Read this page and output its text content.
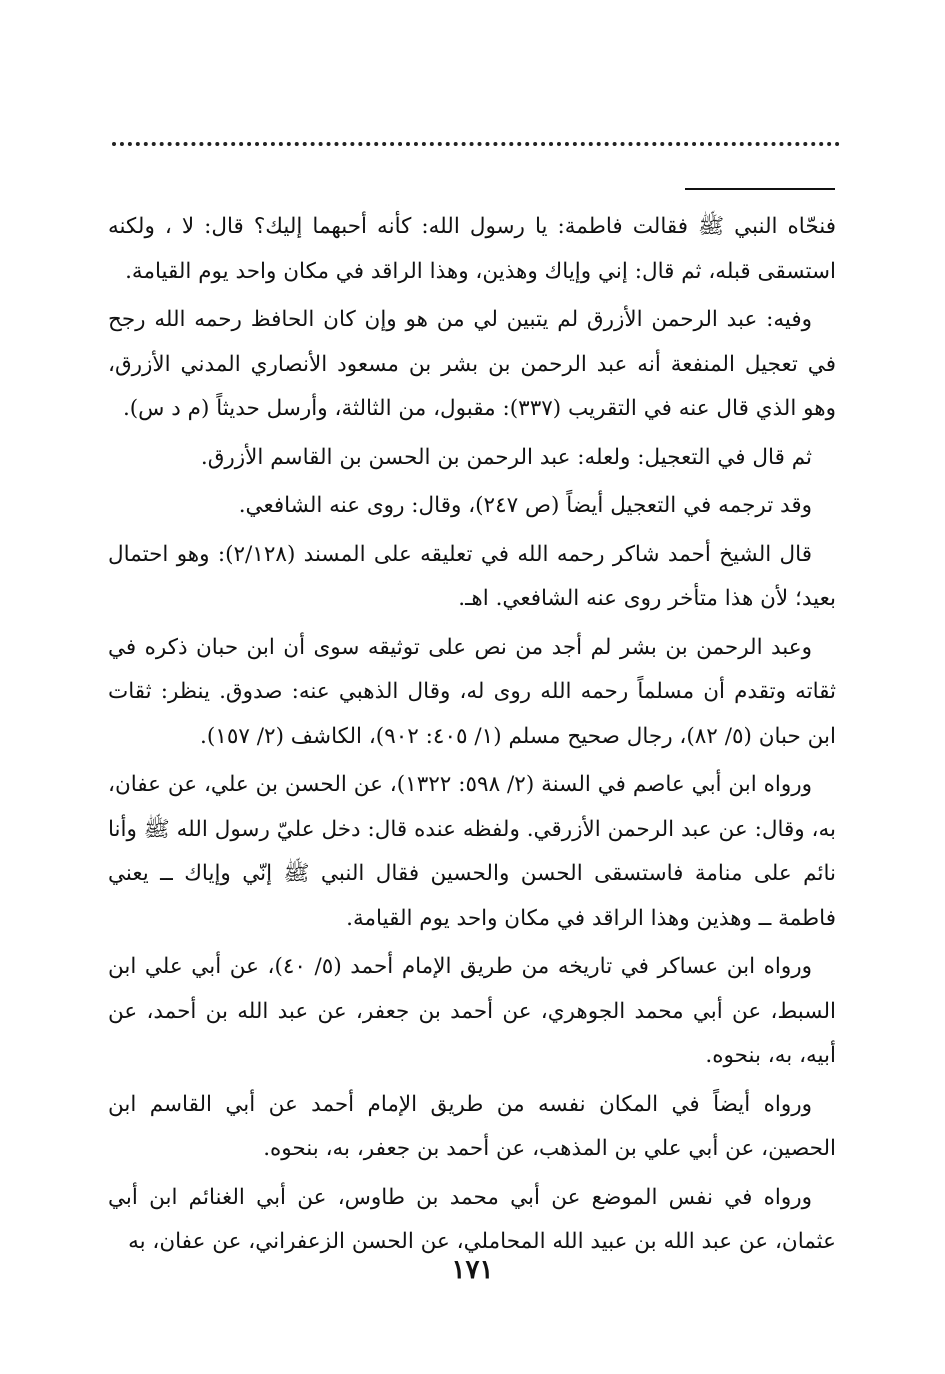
فنحّاه النبي ﷺ فقالت فاطمة: يا رسول الله: كأنه أحبهما إليك؟ قال: لا ، ولكنه استسقى قبله، ثم قال: إني وإياك وهذين، وهذا الراقد في مكان واحد يوم القيامة.

وفيه: عبد الرحمن الأزرق لم يتبين لي من هو وإن كان الحافظ رحمه الله رجح في تعجيل المنفعة أنه عبد الرحمن بن بشر بن مسعود الأنصاري المدني الأزرق، وهو الذي قال عنه في التقريب (٣٣٧): مقبول، من الثالثة، وأرسل حديثاً (م د س).

ثم قال في التعجيل: ولعله: عبد الرحمن بن الحسن بن القاسم الأزرق.

وقد ترجمه في التعجيل أيضاً (ص ٢٤٧)، وقال: روى عنه الشافعي.

قال الشيخ أحمد شاكر رحمه الله في تعليقه على المسند (٢/١٢٨): وهو احتمال بعيد؛ لأن هذا متأخر روى عنه الشافعي. اهـ.

وعبد الرحمن بن بشر لم أجد من نص على توثيقه سوى أن ابن حبان ذكره في ثقاته وتقدم أن مسلماً رحمه الله روى له، وقال الذهبي عنه: صدوق. ينظر: ثقات ابن حبان (٥/ ٨٢)، رجال صحيح مسلم (١/ ٤٠٥: ٩٠٢)، الكاشف (٢/ ١٥٧).

ورواه ابن أبي عاصم في السنة (٢/ ٥٩٨: ١٣٢٢)، عن الحسن بن علي، عن عفان، به، وقال: عن عبد الرحمن الأزرقي. ولفظه عنده قال: دخل عليّ رسول الله ﷺ وأنا نائم على منامة فاستسقى الحسن والحسين فقال النبي ﷺ إنّي وإياك ــ يعني فاطمة ــ وهذين وهذا الراقد في مكان واحد يوم القيامة.

ورواه ابن عساكر في تاريخه من طريق الإمام أحمد (٥/ ٤٠)، عن أبي علي ابن السبط، عن أبي محمد الجوهري، عن أحمد بن جعفر، عن عبد الله بن أحمد، عن أبيه، به، بنحوه.

ورواه أيضاً في المكان نفسه من طريق الإمام أحمد عن أبي القاسم ابن الحصين، عن أبي علي بن المذهب، عن أحمد بن جعفر، به، بنحوه.

ورواه في نفس الموضع عن أبي محمد بن طاوس، عن أبي الغنائم ابن أبي عثمان، عن عبد الله بن عبيد الله المحاملي، عن الحسن الزعفراني، عن عفان، به

١٧١
